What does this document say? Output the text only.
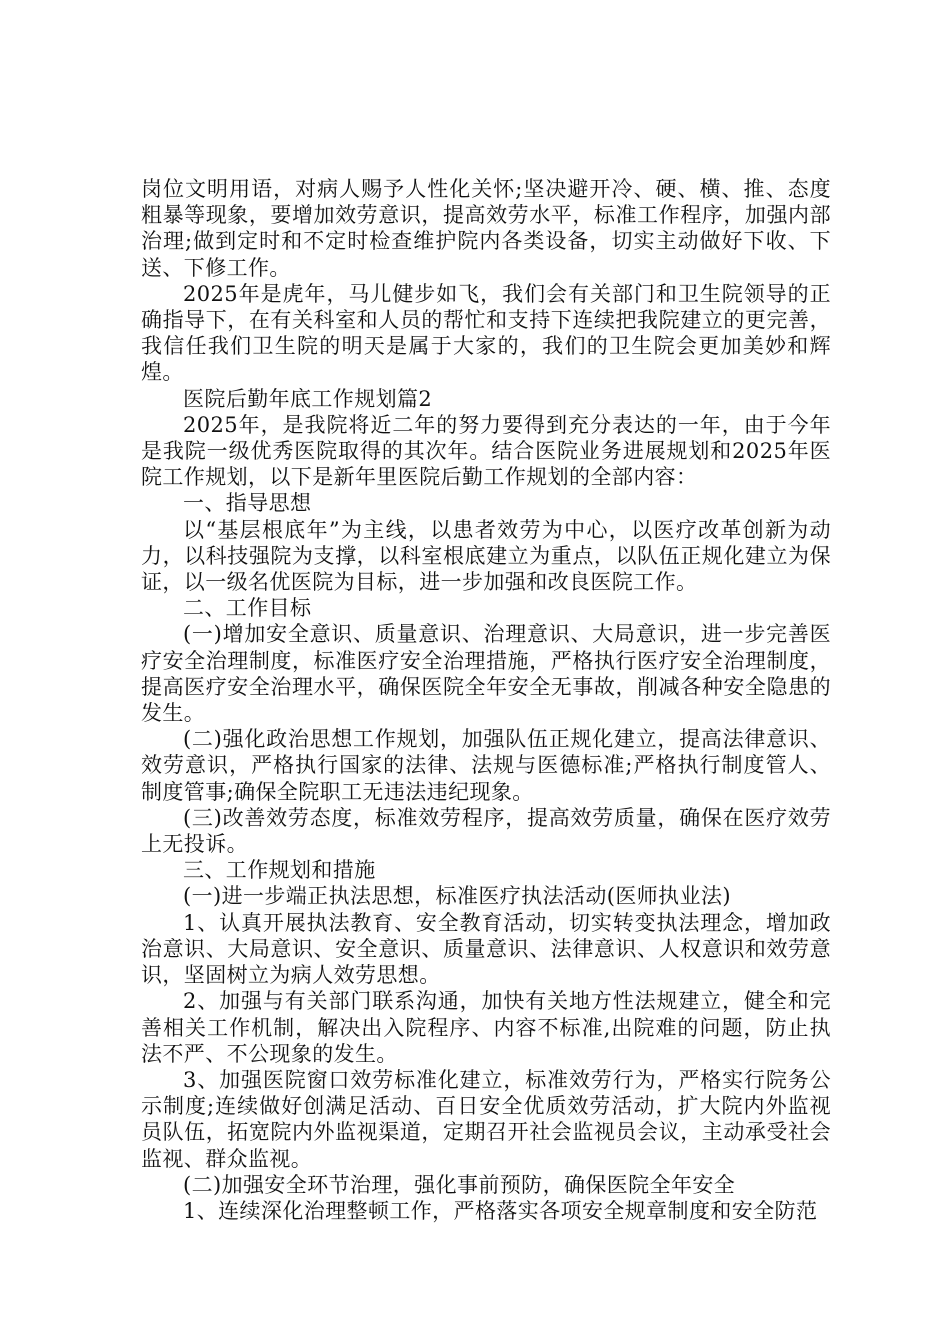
岗位文明用语，对病人赐予人性化关怀;坚决避开冷、硬、横、推、态度粗暴等现象，要增加效劳意识，提高效劳水平，标准工作程序，加强内部治理;做到定时和不定时检查维护院内各类设备，切实主动做好下收、下送、下修工作。

2025年是虎年，马儿健步如飞，我们会有关部门和卫生院领导的正确指导下，在有关科室和人员的帮忙和支持下连续把我院建立的更完善，我信任我们卫生院的明天是属于大家的，我们的卫生院会更加美妙和辉煌。

医院后勤年底工作规划篇2

2025年，是我院将近二年的努力要得到充分表达的一年，由于今年是我院一级优秀医院取得的其次年。结合医院业务进展规划和2025年医院工作规划，以下是新年里医院后勤工作规划的全部内容：

一、指导思想

以“基层根底年”为主线，以患者效劳为中心，以医疗改革创新为动力，以科技强院为支撑，以科室根底建立为重点，以队伍正规化建立为保证，以一级名优医院为目标，进一步加强和改良医院工作。

二、工作目标

(一)增加安全意识、质量意识、治理意识、大局意识，进一步完善医疗安全治理制度，标准医疗安全治理措施，严格执行医疗安全治理制度，提高医疗安全治理水平，确保医院全年安全无事故，削减各种安全隐患的发生。

(二)强化政治思想工作规划，加强队伍正规化建立，提高法律意识、效劳意识，严格执行国家的法律、法规与医德标准;严格执行制度管人、制度管事;确保全院职工无违法违纪现象。

(三)改善效劳态度，标准效劳程序，提高效劳质量，确保在医疗效劳上无投诉。

三、工作规划和措施

(一)进一步端正执法思想，标准医疗执法活动(医师执业法)

1、认真开展执法教育、安全教育活动，切实转变执法理念，增加政治意识、大局意识、安全意识、质量意识、法律意识、人权意识和效劳意识，坚固树立为病人效劳思想。

2、加强与有关部门联系沟通，加快有关地方性法规建立，健全和完善相关工作机制，解决出入院程序、内容不标准,出院难的问题，防止执法不严、不公现象的发生。

3、加强医院窗口效劳标准化建立，标准效劳行为，严格实行院务公示制度;连续做好创满足活动、百日安全优质效劳活动，扩大院内外监视员队伍，拓宽院内外监视渠道，定期召开社会监视员会议，主动承受社会监视、群众监视。

(二)加强安全环节治理，强化事前预防，确保医院全年安全

1、连续深化治理整顿工作，严格落实各项安全规章制度和安全防范
